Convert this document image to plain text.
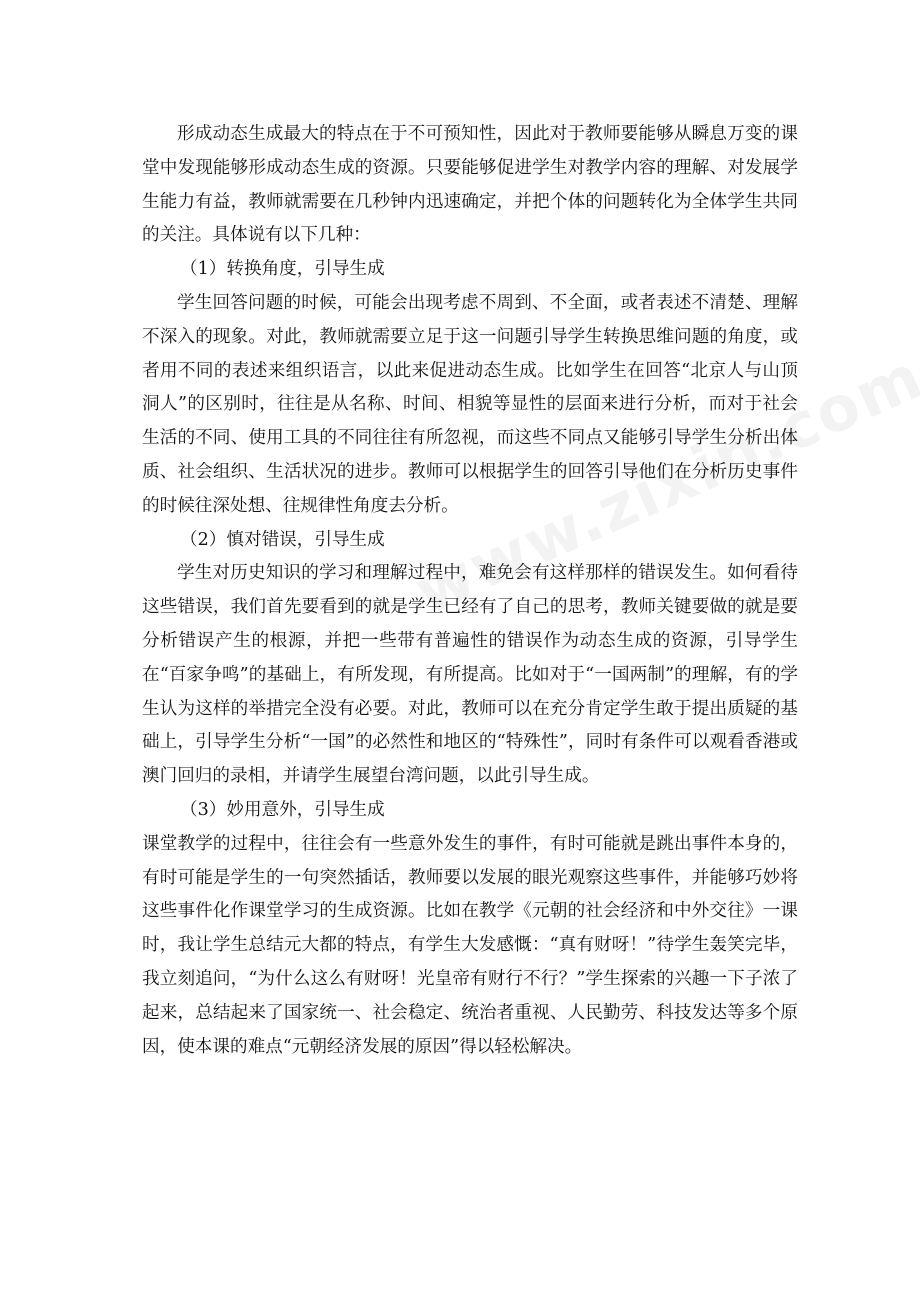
形成动态生成最大的特点在于不可预知性，因此对于教师要能够从瞬息万变的课堂中发现能够形成动态生成的资源。只要能够促进学生对教学内容的理解、对发展学生能力有益，教师就需要在几秒钟内迅速确定，并把个体的问题转化为全体学生共同的关注。具体说有以下几种：

（1）转换角度，引导生成

学生回答问题的时候，可能会出现考虑不周到、不全面，或者表述不清楚、理解不深入的现象。对此，教师就需要立足于这一问题引导学生转换思维问题的角度，或者用不同的表述来组织语言，以此来促进动态生成。比如学生在回答“北京人与山顶洞人”的区别时，往往是从名称、时间、相貌等显性的层面来进行分析，而对于社会生活的不同、使用工具的不同往往有所忽视，而这些不同点又能够引导学生分析出体质、社会组织、生活状况的进步。教师可以根据学生的回答引导他们在分析历史事件的时候往深处想、往规律性角度去分析。

（2）慎对错误，引导生成

学生对历史知识的学习和理解过程中，难免会有这样那样的错误发生。如何看待这些错误，我们首先要看到的就是学生已经有了自己的思考，教师关键要做的就是要分析错误产生的根源，并把一些带有普遍性的错误作为动态生成的资源，引导学生在“百家争鸣”的基础上，有所发现，有所提高。比如对于“一国两制”的理解，有的学生认为这样的举措完全没有必要。对此，教师可以在充分肯定学生敢于提出质疑的基础上，引导学生分析“一国”的必然性和地区的“特殊性”，同时有条件可以观看香港或澳门回归的录相，并请学生展望台湾问题，以此引导生成。

（3）妙用意外，引导生成

课堂教学的过程中，往往会有一些意外发生的事件，有时可能就是跳出事件本身的，有时可能是学生的一句突然插话，教师要以发展的眼光观察这些事件，并能够巧妙将这些事件化作课堂学习的生成资源。比如在教学《元朝的社会经济和中外交往》一课时，我让学生总结元大都的特点，有学生大发感慨：“真有财呀！”待学生轰笑完毕，我立刻追问，“为什么这么有财呀！光皇帝有财行不行？”学生探索的兴趣一下子浓了起来，总结起来了国家统一、社会稳定、统治者重视、人民勤劳、科技发达等多个原因，使本课的难点“元朝经济发展的原因”得以轻松解决。
